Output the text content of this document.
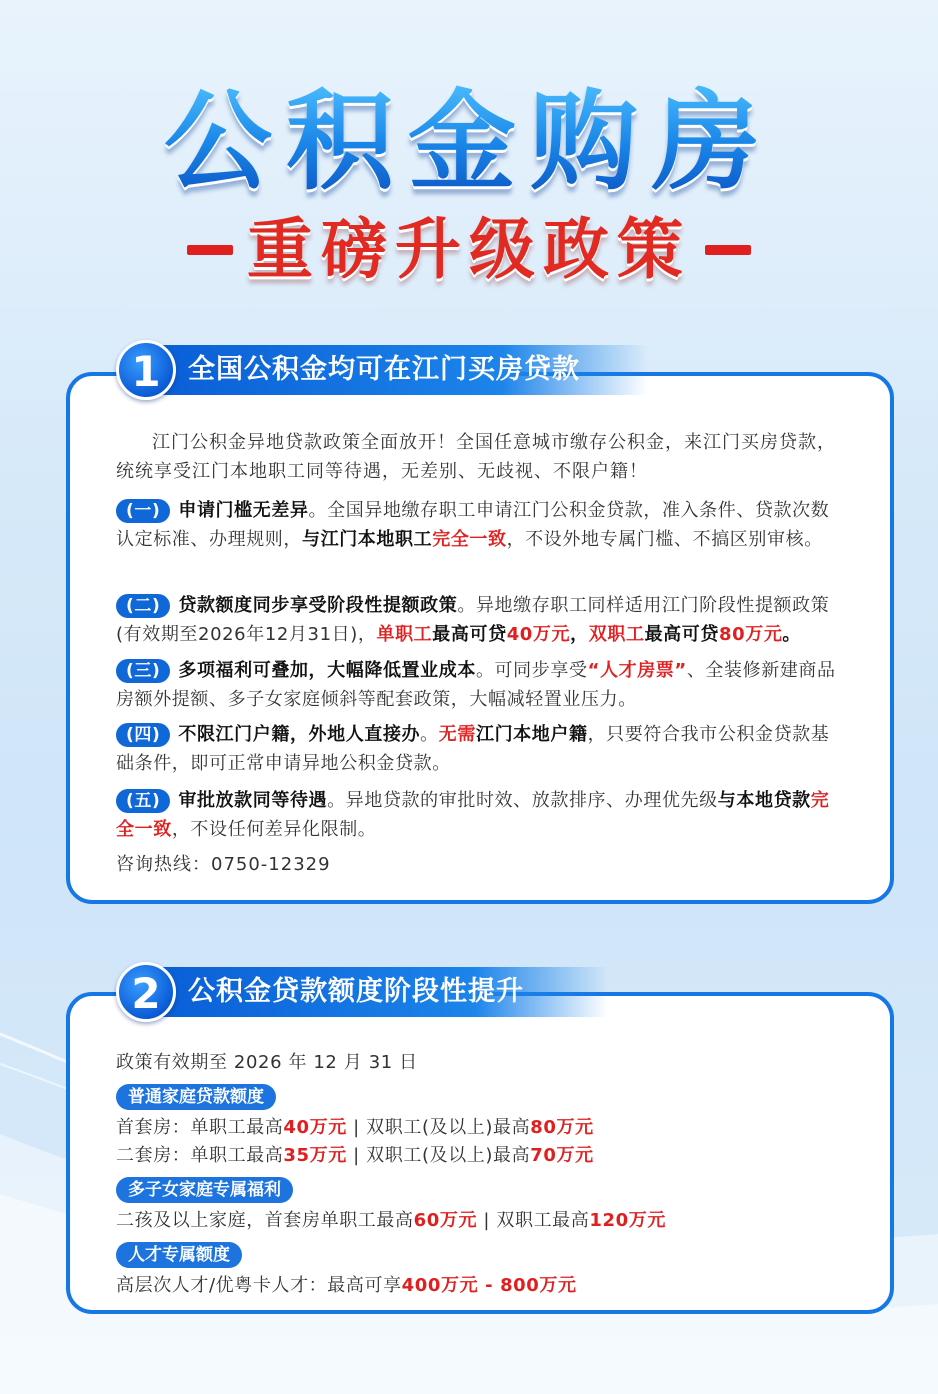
公积金购房
重磅升级政策
1	全国公积金均可在江门买房贷款
江门公积金异地贷款政策全面放开！全国任意城市缴存公积金，来江门买房贷款，统统享受江门本地职工同等待遇，无差别、无歧视、不限户籍！
(一) 申请门槛无差异。全国异地缴存职工申请江门公积金贷款，准入条件、贷款次数认定标准、办理规则，与江门本地职工完全一致，不设外地专属门槛、不搞区别审核。
(二) 贷款额度同步享受阶段性提额政策。异地缴存职工同样适用江门阶段性提额政策(有效期至2026年12月31日)，单职工最高可贷40万元，双职工最高可贷80万元。
(三) 多项福利可叠加，大幅降低置业成本。可同步享受“人才房票”、全装修新建商品房额外提额、多子女家庭倾斜等配套政策，大幅减轻置业压力。
(四) 不限江门户籍，外地人直接办。无需江门本地户籍，只要符合我市公积金贷款基础条件，即可正常申请异地公积金贷款。
(五) 审批放款同等待遇。异地贷款的审批时效、放款排序、办理优先级与本地贷款完全一致，不设任何差异化限制。
咨询热线：0750-12329
2	公积金贷款额度阶段性提升
政策有效期至 2026 年 12 月 31 日
普通家庭贷款额度
首套房：单职工最高40万元 | 双职工(及以上)最高80万元
二套房：单职工最高35万元 | 双职工(及以上)最高70万元
多子女家庭专属福利
二孩及以上家庭，首套房单职工最高60万元 | 双职工最高120万元
人才专属额度
高层次人才/优粤卡人才：最高可享400万元 - 800万元
